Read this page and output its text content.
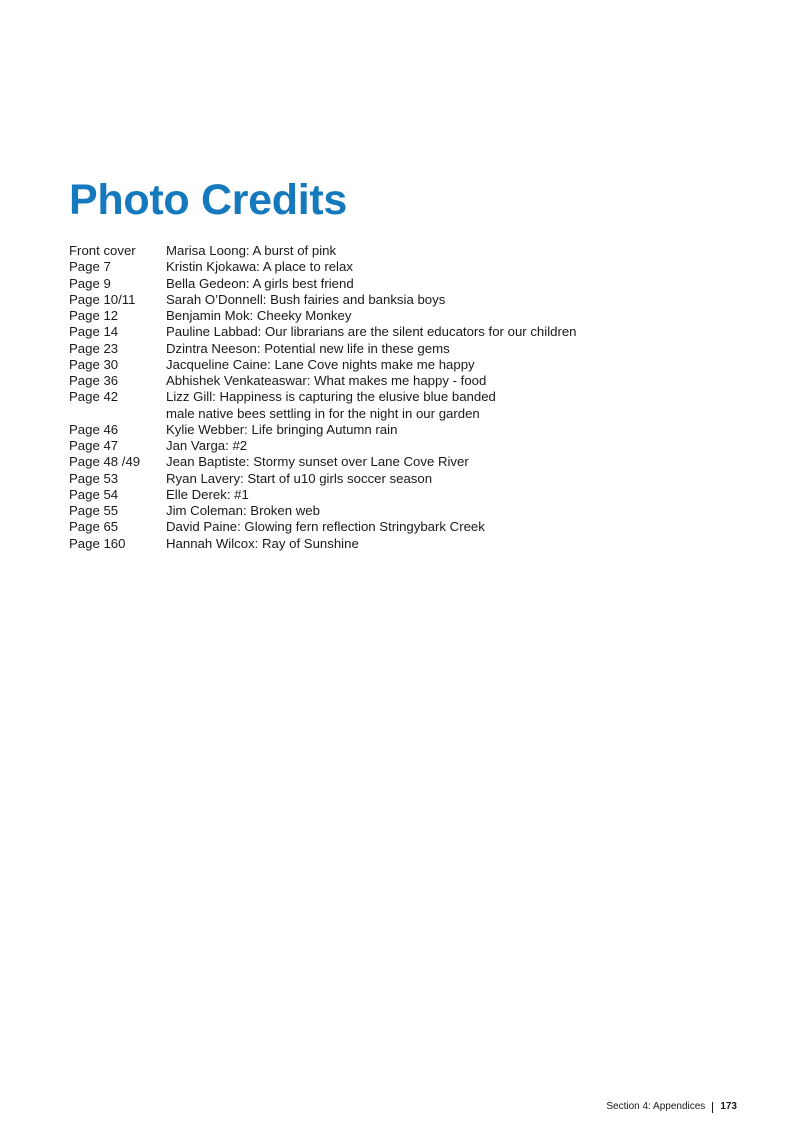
Photo Credits
Front cover	Marisa Loong: A burst of pink
Page 7	Kristin Kjokawa: A place to relax
Page 9	Bella Gedeon: A girls best friend
Page 10/11	Sarah O’Donnell: Bush fairies and banksia boys
Page 12	Benjamin Mok: Cheeky Monkey
Page 14	Pauline Labbad: Our librarians are the silent educators for our children
Page 23	Dzintra Neeson: Potential new life in these gems
Page 30	Jacqueline Caine: Lane Cove nights make me happy
Page 36	Abhishek Venkateaswar: What makes me happy - food
Page 42	Lizz Gill: Happiness is capturing the elusive blue banded
male native bees settling in for the night in our garden
Page 46	Kylie Webber: Life bringing Autumn rain
Page 47	Jan Varga: #2
Page 48 /49	Jean Baptiste: Stormy sunset over Lane Cove River
Page 53	Ryan Lavery: Start of u10 girls soccer season
Page 54	Elle Derek: #1
Page 55	Jim Coleman: Broken web
Page 65	David Paine: Glowing fern reflection Stringybark Creek
Page 160	Hannah Wilcox: Ray of Sunshine
Section 4: Appendices 173
